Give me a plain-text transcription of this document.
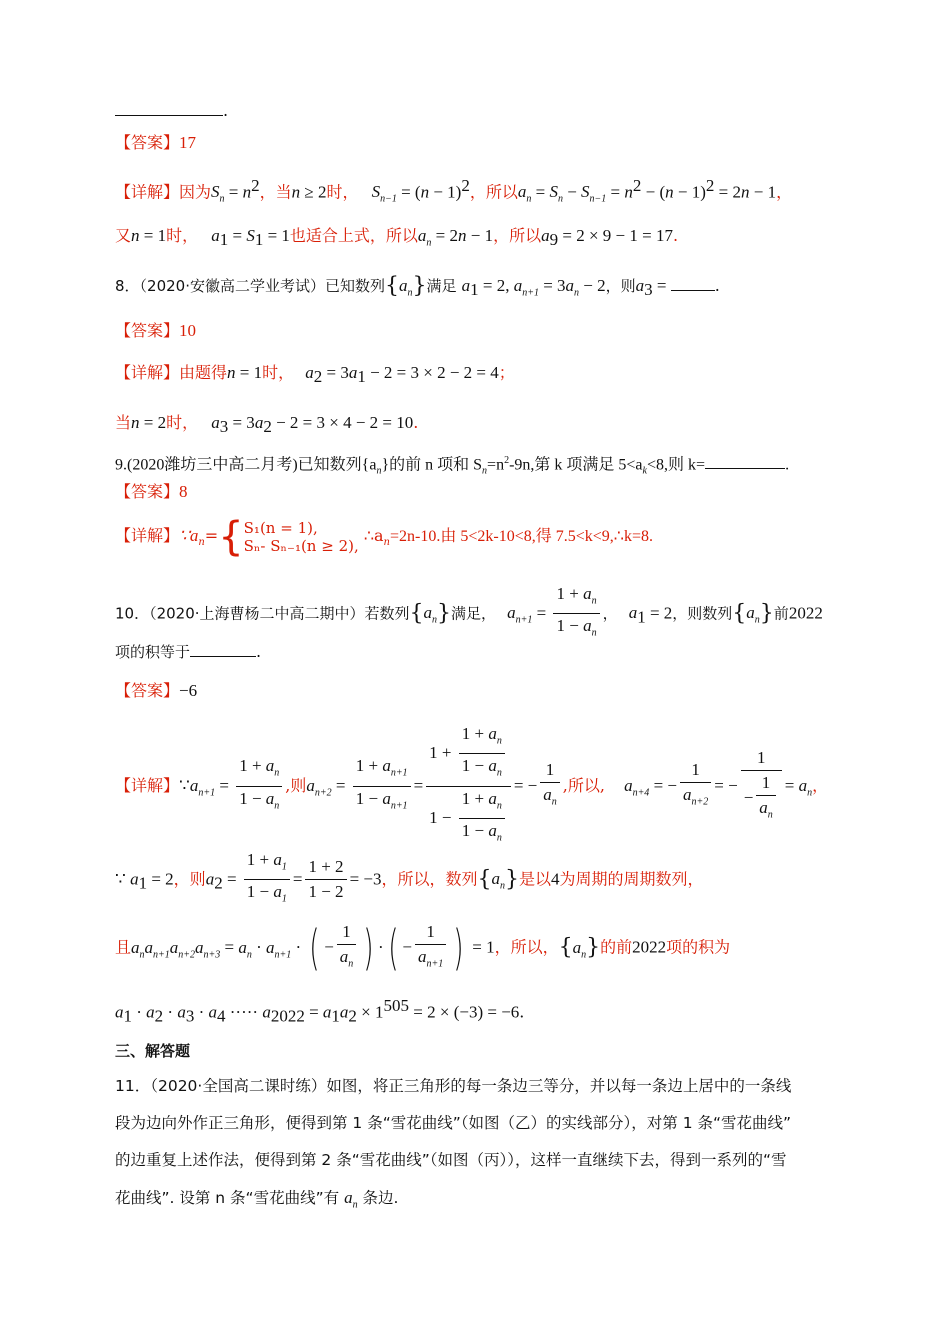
.
【答案】17
【详解】因为$S_n = n^2$，当n ≥ 2时， $S_{n-1} = (n - 1)^2$，所以$a_n = S_n - S_{n-1} = n^2 - (n - 1)^2 = 2n - 1$，
又n = 1时， $a_1 = S_1 = 1$也适合上式，所以$a_n = 2n - 1$，所以$a_9 = 2 \times 9 - 1 = 17$.
8．（2020·安徽高二学业考试）已知数列$\{a_n\}$满足 $a_1 = 2$, $a_{n+1} = 3a_n - 2$，则$a_3$ =	.
【答案】10
【详解】由题得n = 1时， $a_2 = 3a_1 - 2 = 3 \times 2 - 2 = 4$；
当n = 2时， $a_3 = 3a_2 - 2 = 3 \times 4 - 2 = 10$.
9.(2020潍坊三中高二月考)已知数列$\{a_n\}$的前 n 项和 $S_n=n^2-9n$,第 k 项满足 $5<a_k<8$,则 k=	.
【答案】8
【详解】$\because a_n=${ S₁(n = 1),
Sₙ- Sₙ₋₁(n ≥ 2),
$\therefore a_n=2n-10$.由 5<2k-10<8,得 7.5<k<9,∴k=8.
10．（2020·上海曹杨二中高二期中）若数列$\{a_n\}$满足， $a_{n+1} = \frac{1 + a_n}{1 - a_n}$ ， $a_1 = 2$，则数列$\{a_n\}$前2022
项的积等于	.
【答案】−6
【详解】$\because a_{n+1} = \frac{1 + a_n}{1 - a_n}$ ,则$a_{n+2} = \frac{1 + a_{n+1}}{1 - a_{n+1}} = \frac{1 + \frac{1 + a_n}{1 - a_n}}{1 - \frac{1 + a_n}{1 - a_n}}$ = − $\frac{1}{a_n}$ ,所以, $a_{n+4}$ = − $\frac{1}{a_{n+2}}$ = − $\frac{1}{- \frac{1}{a_n}} = a_n$，
∵ $a_1 = 2$，则$a_2 = \frac{1 + a_1}{1 - a_1} = \frac{1 + 2}{1 - 2} = -3$，所以，数列$\{a_n\}$是以4为周期的周期数列，
且$a_na_{n+1}a_{n+2}a_{n+3} = a_n \cdot a_{n+1}$ · ( − $\frac{1}{a_n}$ ) ·( − $\frac{1}{a_{n+1}}$ ) = 1，所以，$\{a_n\}$的前2022项的积为
$a_1 \cdot a_2 \cdot a_3 \cdot a_4$ ····· $a_{2022} = a_1a_2 \times 1^{505} = 2 \times (-3) = -6$.
三、解答题
11．（2020·全国高二课时练）如图，将正三角形的每一条边三等分，并以每一条边上居中的一条线
段为边向外作正三角形，便得到第 1 条“雪花曲线”（如图（乙）的实线部分），对第 1 条“雪花曲线”
的边重复上述作法，便得到第 2 条“雪花曲线”（如图（丙）），这样一直继续下去，得到一系列的“雪
花曲线”. 设第 n 条“雪花曲线”有 $a_n$ 条边.
